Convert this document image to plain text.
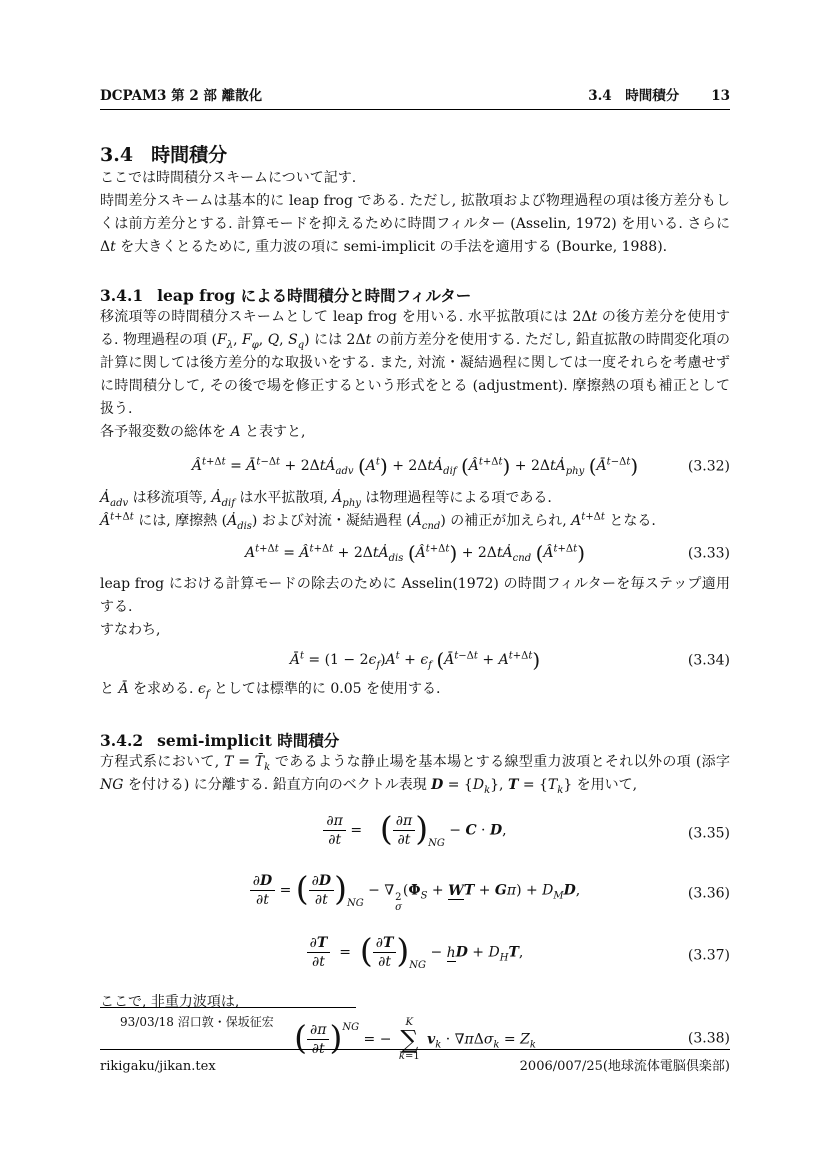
DCPAM3 第 2 部 離散化	3.4　時間積分 13
3.4 時間積分

ここでは時間積分スキームについて記す.

時間差分スキームは基本的に leap frog である. ただし, 拡散項および物理過程の項は後方差分もしくは前方差分とする. 計算モードを抑えるために時間フィルター (Asselin, 1972) を用いる. さらに Δt を大きくとるために, 重力波の項に semi-implicit の手法を適用する (Bourke, 1988).

3.4.1 leap frog による時間積分と時間フィルター

移流項等の時間積分スキームとして leap frog を用いる. 水平拡散項には 2Δt の後方差分を使用する. 物理過程の項 ($F_\lambda$, $F_\varphi$, Q, $S_q$) には 2Δt の前方差分を使用する. ただし, 鉛直拡散の時間変化項の計算に関しては後方差分的な取扱いをする. また, 対流・凝結過程に関しては一度それらを考慮せずに時間積分して, その後で場を修正するという形式をとる (adjustment). 摩擦熱の項も補正として扱う.

各予報変数の総体を A と表すと,

$Â^{t+\Delta t}$ = $Ā^{t-\Delta t}$ + 2ΔtȦ$_{adv}$ $(A^t)$ + 2ΔtȦ$_{dif}$ $(Â^{t+\Delta t})$ + 2ΔtȦ$_{phy}$ $(Ā^{t-\Delta t})$	(3.32)

$Ȧ_{adv}$ は移流項等, $Ȧ_{dif}$ は水平拡散項, $Ȧ_{phy}$ は物理過程等による項である.
$Â^{t+\Delta t}$ には, 摩擦熱 $(Ȧ_{dis})$ および対流・凝結過程 $(Ȧ_{cnd})$ の補正が加えられ, $A^{t+\Delta t}$ となる.

$A^{t+\Delta t}$ = $Â^{t+\Delta t}$ + 2ΔtȦ$_{dis}$ $(Â^{t+\Delta t})$ + 2ΔtȦ$_{cnd}$ $(Â^{t+\Delta t})$	(3.33)

leap frog における計算モードの除去のために Asselin(1972) の時間フィルターを毎ステップ適用する.
すなわち,

$Ā^t = (1 - 2\epsilon_f)A^t + \epsilon_f$ $(Ā^{t-\Delta t} + A^{t+\Delta t})$	(3.34)

と Ā を求める. $\epsilon_f$ としては標準的に 0.05 を使用する.

3.4.2 semi-implicit 時間積分

方程式系において, $T = T̄_k$ であるような静止場を基本場とする線型重力波項とそれ以外の項 (添字 NG を付ける) に分離する. 鉛直方向のベクトル表現 $D = \{D_k\}$, $T = \{T_k\}$ を用いて,

$\frac{\partial\pi}{\partial t}$ =    ( $\frac{\partial\pi}{\partial t} )_{NG} - C \cdot D$,	(3.35)
$\frac{\partial D}{\partial t}$ = ( $\frac{\partial D}{\partial t} )_{NG}$ − ∇ 2
σ
($\Phi_S$ + WT + $G\pi) + D_MD$,	(3.36)
$\frac{\partial T}{\partial t}$ =  ( $\frac{\partial T}{\partial t} )_{NG}$ − hD + $D_HT$,	(3.37)

ここで, 非重力波項は,

( $\frac{\partial\pi}{\partial t} )^{NG}$ = −
K
∑
k=1
$v_k \cdot \nabla\pi\Delta\sigma_k = Z_k$	(3.38)
93/03/18 沼口敦・保坂征宏
rikigaku/jikan.tex	2006/007/25(地球流体電脳倶楽部)
